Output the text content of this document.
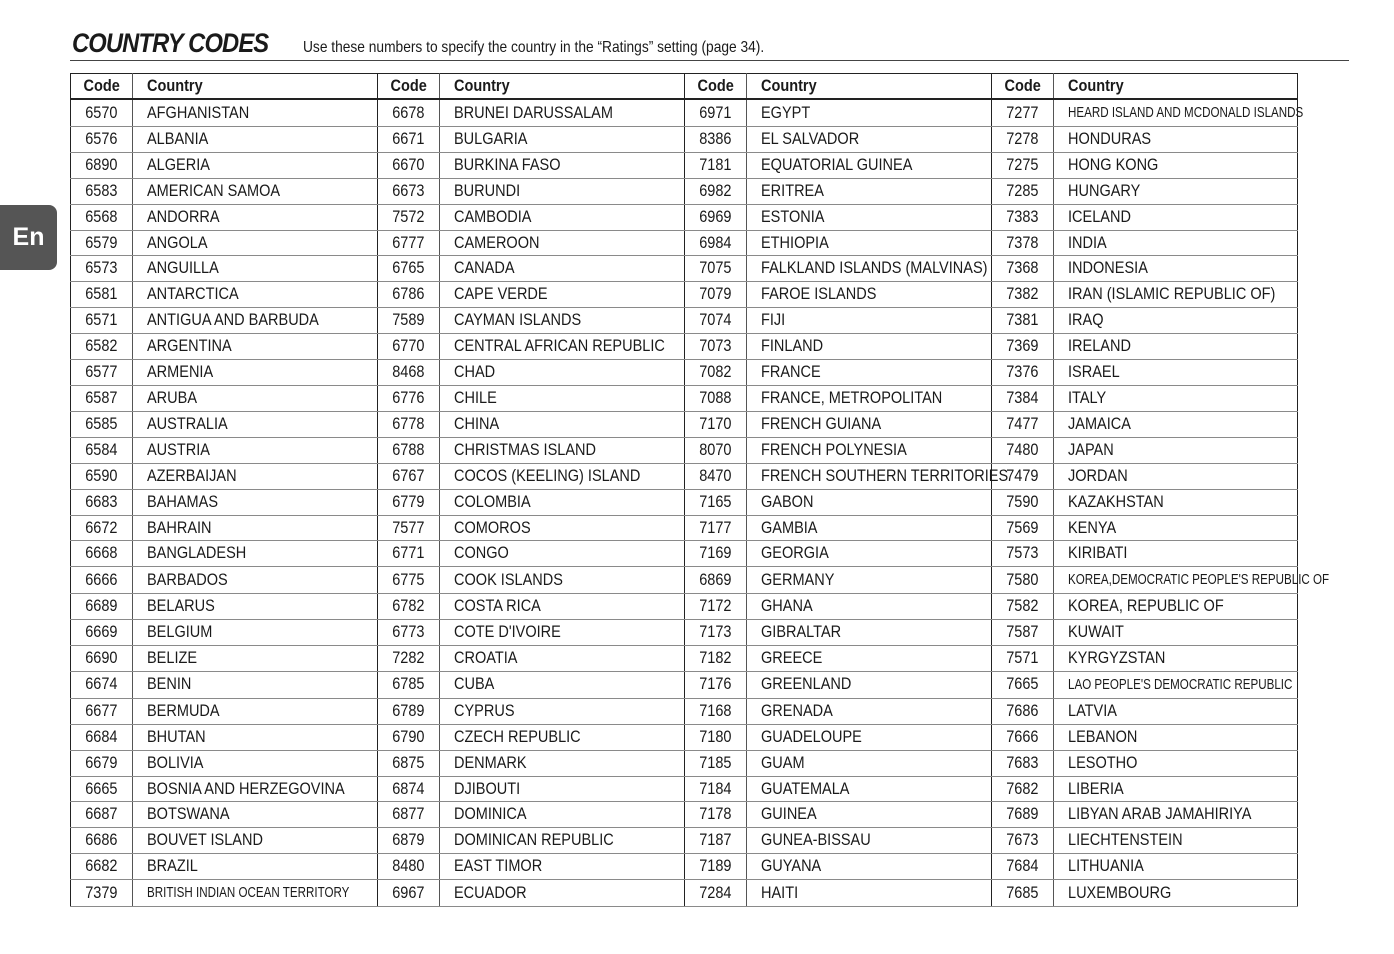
COUNTRY CODES Use these numbers to specify the country in the “Ratings” setting (page 34).
En
Code	Country	Code	Country	Code	Country	Code	Country
6570	AFGHANISTAN	6678	BRUNEI DARUSSALAM	6971	EGYPT	7277	HEARD ISLAND AND MCDONALD ISLANDS
6576	ALBANIA	6671	BULGARIA	8386	EL SALVADOR	7278	HONDURAS
6890	ALGERIA	6670	BURKINA FASO	7181	EQUATORIAL GUINEA	7275	HONG KONG
6583	AMERICAN SAMOA	6673	BURUNDI	6982	ERITREA	7285	HUNGARY
6568	ANDORRA	7572	CAMBODIA	6969	ESTONIA	7383	ICELAND
6579	ANGOLA	6777	CAMEROON	6984	ETHIOPIA	7378	INDIA
6573	ANGUILLA	6765	CANADA	7075	FALKLAND ISLANDS (MALVINAS)	7368	INDONESIA
6581	ANTARCTICA	6786	CAPE VERDE	7079	FAROE ISLANDS	7382	IRAN (ISLAMIC REPUBLIC OF)
6571	ANTIGUA AND BARBUDA	7589	CAYMAN ISLANDS	7074	FIJI	7381	IRAQ
6582	ARGENTINA	6770	CENTRAL AFRICAN REPUBLIC	7073	FINLAND	7369	IRELAND
6577	ARMENIA	8468	CHAD	7082	FRANCE	7376	ISRAEL
6587	ARUBA	6776	CHILE	7088	FRANCE, METROPOLITAN	7384	ITALY
6585	AUSTRALIA	6778	CHINA	7170	FRENCH GUIANA	7477	JAMAICA
6584	AUSTRIA	6788	CHRISTMAS ISLAND	8070	FRENCH POLYNESIA	7480	JAPAN
6590	AZERBAIJAN	6767	COCOS (KEELING) ISLAND	8470	FRENCH SOUTHERN TERRITORIES	7479	JORDAN
6683	BAHAMAS	6779	COLOMBIA	7165	GABON	7590	KAZAKHSTAN
6672	BAHRAIN	7577	COMOROS	7177	GAMBIA	7569	KENYA
6668	BANGLADESH	6771	CONGO	7169	GEORGIA	7573	KIRIBATI
6666	BARBADOS	6775	COOK ISLANDS	6869	GERMANY	7580	KOREA,DEMOCRATIC PEOPLE'S REPUBLIC OF
6689	BELARUS	6782	COSTA RICA	7172	GHANA	7582	KOREA, REPUBLIC OF
6669	BELGIUM	6773	COTE D'IVOIRE	7173	GIBRALTAR	7587	KUWAIT
6690	BELIZE	7282	CROATIA	7182	GREECE	7571	KYRGYZSTAN
6674	BENIN	6785	CUBA	7176	GREENLAND	7665	LAO PEOPLE'S DEMOCRATIC REPUBLIC
6677	BERMUDA	6789	CYPRUS	7168	GRENADA	7686	LATVIA
6684	BHUTAN	6790	CZECH REPUBLIC	7180	GUADELOUPE	7666	LEBANON
6679	BOLIVIA	6875	DENMARK	7185	GUAM	7683	LESOTHO
6665	BOSNIA AND HERZEGOVINA	6874	DJIBOUTI	7184	GUATEMALA	7682	LIBERIA
6687	BOTSWANA	6877	DOMINICA	7178	GUINEA	7689	LIBYAN ARAB JAMAHIRIYA
6686	BOUVET ISLAND	6879	DOMINICAN REPUBLIC	7187	GUNEA-BISSAU	7673	LIECHTENSTEIN
6682	BRAZIL	8480	EAST TIMOR	7189	GUYANA	7684	LITHUANIA
7379	BRITISH INDIAN OCEAN TERRITORY	6967	ECUADOR	7284	HAITI	7685	LUXEMBOURG
